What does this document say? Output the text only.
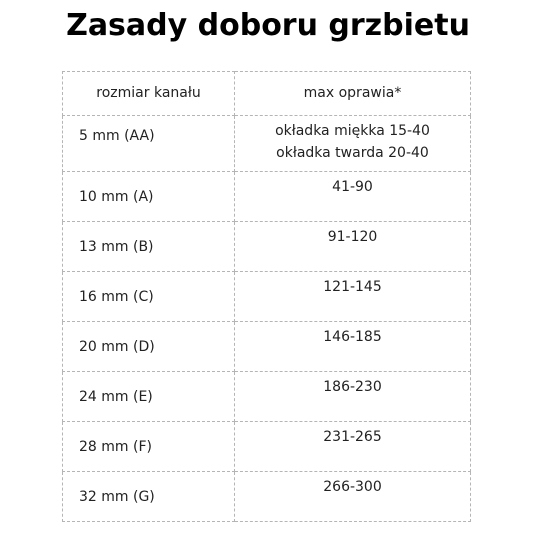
Zasady doboru grzbietu
rozmiar kanału	max oprawia*
5 mm (AA)	okładka miękka 15-40
okładka twarda 20-40

10 mm (A)	41-90

13 mm (B)	91-120

16 mm (C)	121-145

20 mm (D)	146-185

24 mm (E)	186-230

28 mm (F)	231-265

32 mm (G)	266-300
